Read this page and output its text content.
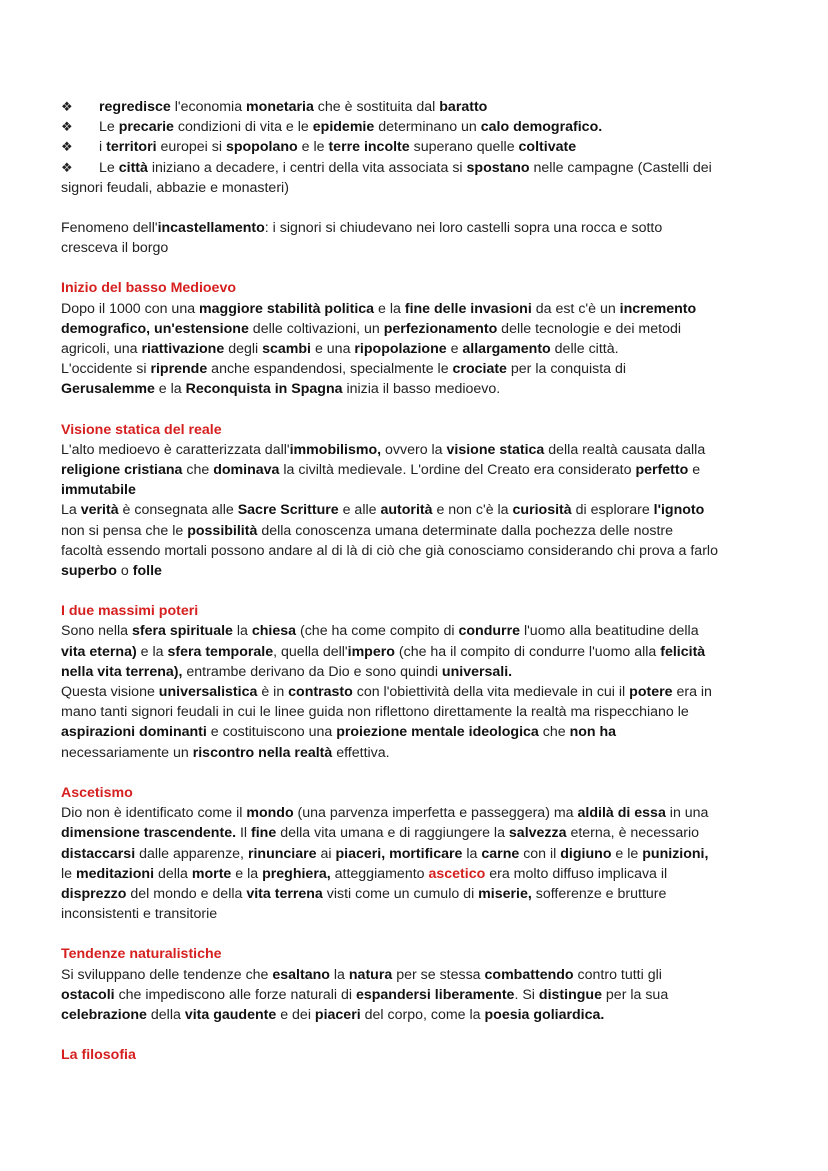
❖ regredisce l'economia monetaria che è sostituita dal baratto
❖ Le precarie condizioni di vita e le epidemie determinano un calo demografico.
❖ i territori europei si spopolano e le terre incolte superano quelle coltivate
❖ Le città iniziano a decadere, i centri della vita associata si spostano nelle campagne (Castelli dei
signori feudali, abbazie e monasteri)
Fenomeno dell'incastellamento: i signori si chiudevano nei loro castelli sopra una rocca e sotto
cresceva il borgo

Inizio del basso Medioevo

Dopo il 1000 con una maggiore stabilità politica e la fine delle invasioni da est c'è un incremento
demografico, un'estensione delle coltivazioni, un perfezionamento delle tecnologie e dei metodi
agricoli, una riattivazione degli scambi e una ripopolazione e allargamento delle città.
L'occidente si riprende anche espandendosi, specialmente le crociate per la conquista di
Gerusalemme e la Reconquista in Spagna inizia il basso medioevo.

Visione statica del reale

L'alto medioevo è caratterizzata dall'immobilismo, ovvero la visione statica della realtà causata dalla
religione cristiana che dominava la civiltà medievale. L'ordine del Creato era considerato perfetto e
immutabile
La verità è consegnata alle Sacre Scritture e alle autorità e non c'è la curiosità di esplorare l'ignoto
non si pensa che le possibilità della conoscenza umana determinate dalla pochezza delle nostre
facoltà essendo mortali possono andare al di là di ciò che già conosciamo considerando chi prova a farlo
superbo o folle

I due massimi poteri

Sono nella sfera spirituale la chiesa (che ha come compito di condurre l'uomo alla beatitudine della
vita eterna) e la sfera temporale, quella dell'impero (che ha il compito di condurre l'uomo alla felicità
nella vita terrena), entrambe derivano da Dio e sono quindi universali.
Questa visione universalistica è in contrasto con l'obiettività della vita medievale in cui il potere era in
mano tanti signori feudali in cui le linee guida non riflettono direttamente la realtà ma rispecchiano le
aspirazioni dominanti e costituiscono una proiezione mentale ideologica che non ha
necessariamente un riscontro nella realtà effettiva.

Ascetismo

Dio non è identificato come il mondo (una parvenza imperfetta e passeggera) ma aldilà di essa in una
dimensione trascendente. Il fine della vita umana e di raggiungere la salvezza eterna, è necessario
distaccarsi dalle apparenze, rinunciare ai piaceri, mortificare la carne con il digiuno e le punizioni,
le meditazioni della morte e la preghiera, atteggiamento ascetico era molto diffuso implicava il
disprezzo del mondo e della vita terrena visti come un cumulo di miserie, sofferenze e brutture
inconsistenti e transitorie

Tendenze naturalistiche

Si sviluppano delle tendenze che esaltano la natura per se stessa combattendo contro tutti gli
ostacoli che impediscono alle forze naturali di espandersi liberamente. Si distingue per la sua
celebrazione della vita gaudente e dei piaceri del corpo, come la poesia goliardica.

La filosofia
